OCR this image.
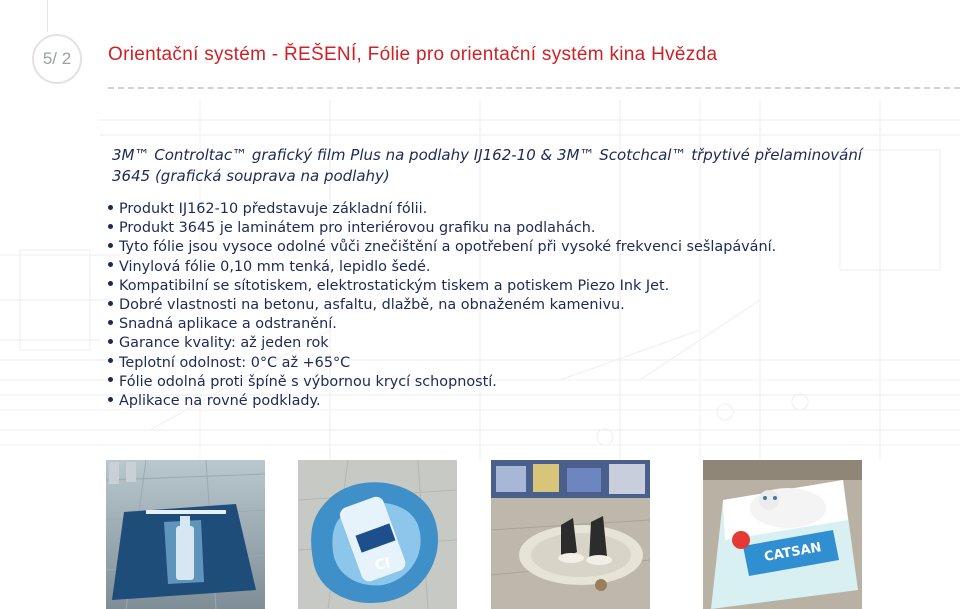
5/ 2	Orientační systém - ŘEŠENÍ, Fólie pro orientační systém kina Hvězda
3M™ Controltac™ grafický film Plus na podlahy IJ162-10 & 3M™ Scotchcal™ třpytivé přelaminování 3645 (grafická souprava na podlahy)
Produkt IJ162-10 představuje základní fólii.
Produkt 3645 je laminátem pro interiérovou grafiku na podlahách.
Tyto fólie jsou vysoce odolné vůči znečištění a opotřebení při vysoké frekvenci sešlapávání.
Vinylová fólie 0,10 mm tenká, lepidlo šedé.
Kompatibilní se sítotiskem, elektrostatickým tiskem a potiskem Piezo Ink Jet.
Dobré vlastnosti na betonu, asfaltu, dlažbě, na obnaženém kamenivu.
Snadná aplikace a odstranění.
Garance kvality: až jeden rok
Teplotní odolnost: 0°C až +65°C
Fólie odolná proti špíně s výbornou krycí schopností.
Aplikace na rovné podklady.
CI	CATSAN
